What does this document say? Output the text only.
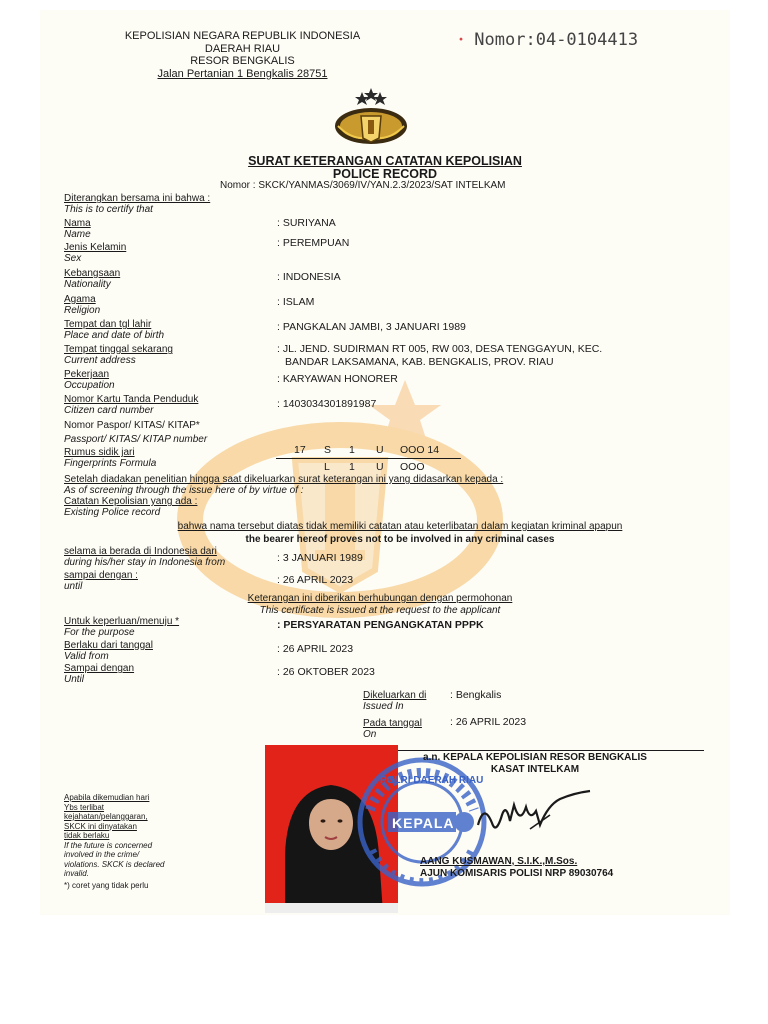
KEPOLISIAN NEGARA REPUBLIK INDONESIA
DAERAH RIAU
RESOR BENGKALIS
Jalan Pertanian 1 Bengkalis 28751
• Nomor:04-0104413
SURAT KETERANGAN CATATAN KEPOLISIAN
POLICE RECORD
Nomor : SKCK/YANMAS/3069/IV/YAN.2.3/2023/SAT INTELKAM
Diterangkan bersama ini bahwa :
This is to certify that
Nama
Name
: SURIYANA
Jenis Kelamin
Sex
: PEREMPUAN
Kebangsaan
Nationality
: INDONESIA
Agama
Religion
: ISLAM
Tempat dan tgl lahir
Place and date of birth
: PANGKALAN JAMBI, 3 JANUARI 1989
Tempat tinggal sekarang
Current address
: JL. JEND. SUDIRMAN RT 005, RW 003, DESA TENGGAYUN, KEC.
BANDAR LAKSAMANA, KAB. BENGKALIS, PROV. RIAU
Pekerjaan
Occupation
: KARYAWAN HONORER
Nomor Kartu Tanda Penduduk
Citizen card number
: 1403034301891987
Nomor Paspor/ KITAS/ KITAP*
Passport/ KITAS/ KITAP number
Rumus sidik jari
Fingerprints Formula
17 S 1 U OOO 14
L 1 U OOO
Setelah diadakan penelitian hingga saat dikeluarkan surat keterangan ini yang didasarkan kepada :
As of screening through the issue here of by virtue of :
Catatan Kepolisian yang ada :
Existing Police record
bahwa nama tersebut diatas tidak memiliki catatan atau keterlibatan dalam kegiatan kriminal apapun
the bearer hereof proves not to be involved in any criminal cases
selama ia berada di Indonesia dari
during his/her stay in Indonesia from	: 3 JANUARI 1989
sampai dengan :
until
: 26 APRIL 2023
Keterangan ini diberikan berhubungan dengan permohonan
This certificate is issued at the request to the applicant
Untuk keperluan/menuju *
For the purpose
: PERSYARATAN PENGANGKATAN PPPK
Berlaku dari tanggal
Valid from
: 26 APRIL 2023
Sampai dengan
Until
: 26 OKTOBER 2023
Dikeluarkan di
Issued In
: Bengkalis
Pada tanggal
On
: 26 APRIL 2023
POLRI DAERAH RIAU
KEPALA
a.n. KEPALA KEPOLISIAN RESOR BENGKALIS
KASAT INTELKAM
AANG KUSMAWAN, S.I.K.,M.Sos.
AJUN KOMISARIS POLISI NRP 89030764
Apabila dikemudian hari
Ybs terlibat
kejahatan/pelanggaran,
SKCK ini dinyatakan
tidak berlaku
If the future is concerned
involved in the crime/
violations. SKCK is declared
invalid.
*) coret yang tidak perlu
